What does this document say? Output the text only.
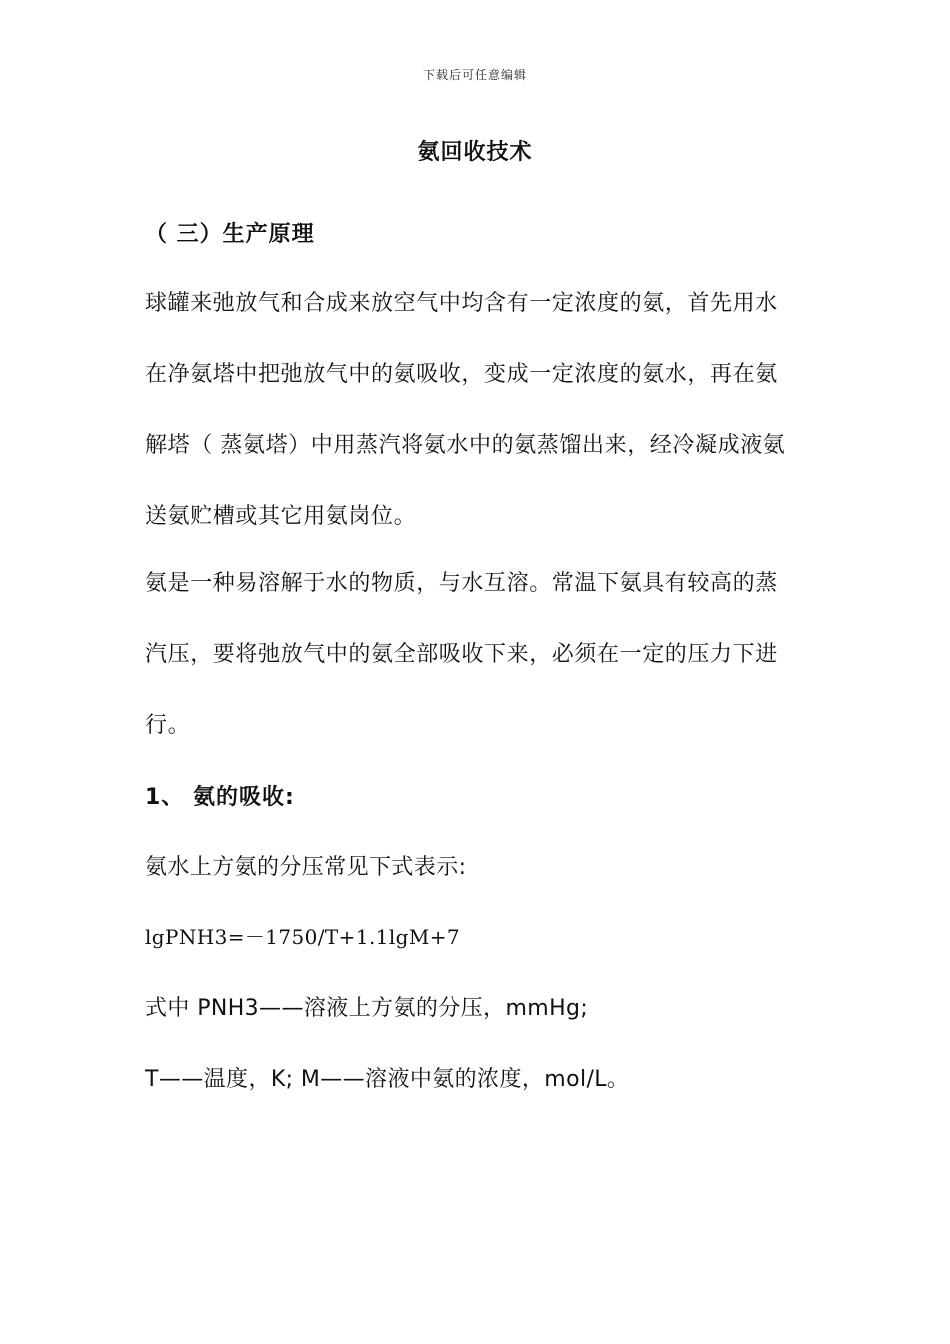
下载后可任意编辑
氨回收技术
（ 三）生产原理

球罐来弛放气和合成来放空气中均含有一定浓度的氨，首先用水在净氨塔中把弛放气中的氨吸收，变成一定浓度的氨水，再在氨解塔（ 蒸氨塔）中用蒸汽将氨水中的氨蒸馏出来，经冷凝成液氨送氨贮槽或其它用氨岗位。

氨是一种易溶解于水的物质，与水互溶。常温下氨具有较高的蒸汽压，要将弛放气中的氨全部吸收下来，必须在一定的压力下进行。

1、 氨的吸收:
氨水上方氨的分压常见下式表示:
lgPNH3=－1750/T+1.1lgM+7
式中 PNH3——溶液上方氨的分压，mmHg;
T——温度，K; M——溶液中氨的浓度，mol/L。
